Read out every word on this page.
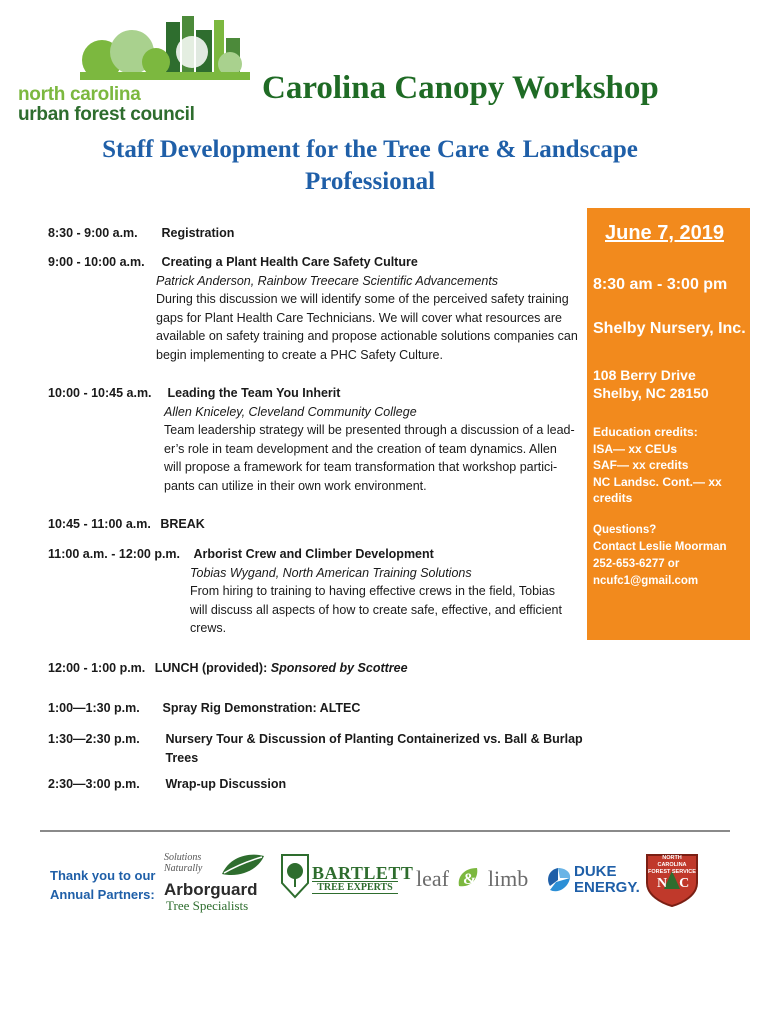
north carolina
urban forest council
Carolina Canopy Workshop
Staff Development for the Tree Care & Landscape Professional
June 7, 2019
8:30 am - 3:00 pm
Shelby Nursery, Inc.
108 Berry Drive
Shelby, NC 28150
Education credits:
ISA— xx CEUs
SAF— xx credits
NC Landsc. Cont.— xx credits
Questions?
Contact Leslie Moorman
252-653-6277 or
ncufc1@gmail.com
8:30 - 9:00 a.m. Registration
9:00 - 10:00 a.m. Creating a Plant Health Care Safety Culture
Patrick Anderson, Rainbow Treecare Scientific Advancements
During this discussion we will identify some of the perceived safety training
gaps for Plant Health Care Technicians. We will cover what resources are
available on safety training and propose actionable solutions companies can
begin implementing to create a PHC Safety Culture.
10:00 - 10:45 a.m. Leading the Team You Inherit
Allen Kniceley, Cleveland Community College
Team leadership strategy will be presented through a discussion of a lead-
er’s role in team development and the creation of team dynamics. Allen
will propose a framework for team transformation that workshop partici-
pants can utilize in their own work environment.
10:45 - 11:00 a.m. BREAK
11:00 a.m. - 12:00 p.m. Arborist Crew and Climber Development
Tobias Wygand, North American Training Solutions
From hiring to training to having effective crews in the field, Tobias
will discuss all aspects of how to create safe, effective, and efficient
crews.
12:00 - 1:00 p.m. LUNCH (provided): Sponsored by Scottree
1:00—1:30 p.m. Spray Rig Demonstration: ALTEC
1:30—2:30 p.m. Nursery Tour & Discussion of Planting Containerized vs. Ball & Burlap
Trees
2:30—3:00 p.m. Wrap-up Discussion
Thank you to our
Annual Partners:
Solutions
Naturally
Arborguard
Tree Specialists
BARTLETT
TREE EXPERTS leaf & limb	DUKE
ENERGY.
NORTH CAROLINA
FOREST SERVICE
NC
